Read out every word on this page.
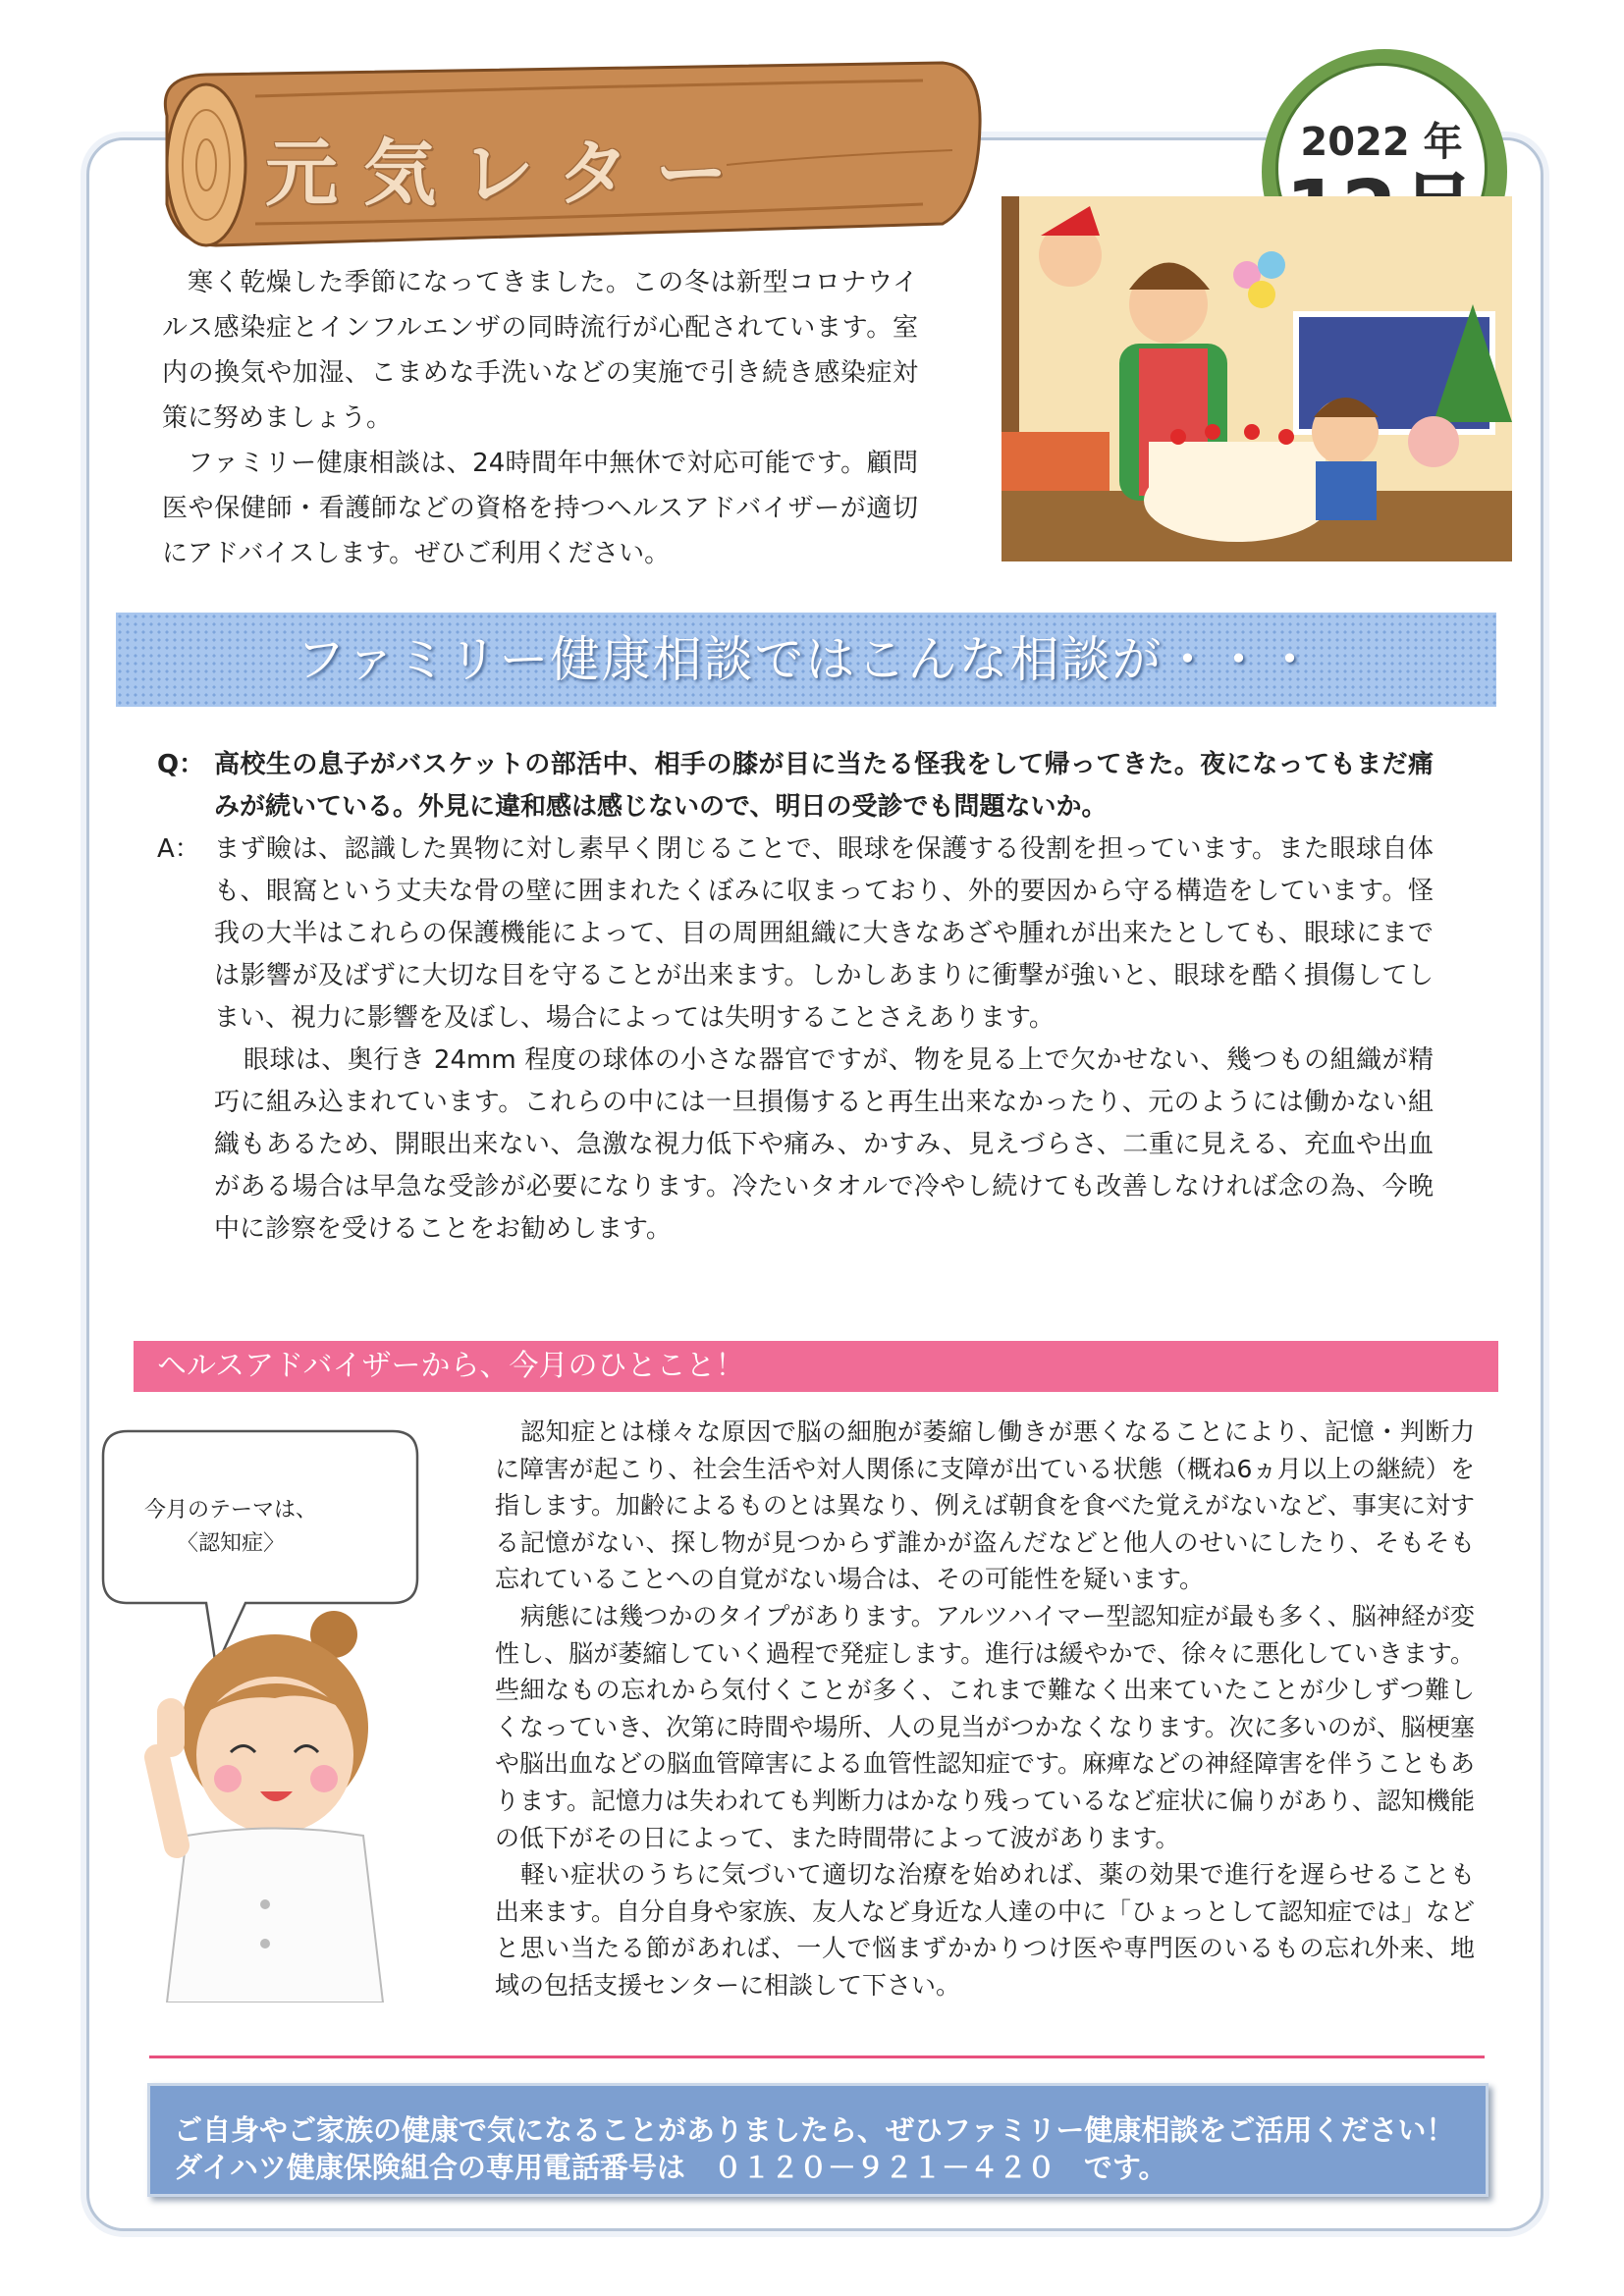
元気レター	2022 年

寒く乾燥した季節になってきました。この冬は新型コロナウイルス感染症とインフルエンザの同時流行が心配されています。室内の換気や加湿、こまめな手洗いなどの実施で引き続き感染症対策に努めましょう。

ファミリー健康相談は、24時間年中無休で対応可能です。顧問医や保健師・看護師などの資格を持つヘルスアドバイザーが適切にアドバイスします。ぜひご利用ください。

ファミリー健康相談ではこんな相談が・・・
Q： 高校生の息子がバスケットの部活中、相手の膝が目に当たる怪我をして帰ってきた。夜になってもまだ痛みが続いている。外見に違和感は感じないので、明日の受診でも問題ないか。
A： まず瞼は、認識した異物に対し素早く閉じることで、眼球を保護する役割を担っています。また眼球自体も、眼窩という丈夫な骨の壁に囲まれたくぼみに収まっており、外的要因から守る構造をしています。怪我の大半はこれらの保護機能によって、目の周囲組織に大きなあざや腫れが出来たとしても、眼球にまでは影響が及ばずに大切な目を守ることが出来ます。しかしあまりに衝撃が強いと、眼球を酷く損傷してしまい、視力に影響を及ぼし、場合によっては失明することさえあります。

眼球は、奥行き 24mm 程度の球体の小さな器官ですが、物を見る上で欠かせない、幾つもの組織が精巧に組み込まれています。これらの中には一旦損傷すると再生出来なかったり、元のようには働かない組織もあるため、開眼出来ない、急激な視力低下や痛み、かすみ、見えづらさ、二重に見える、充血や出血がある場合は早急な受診が必要になります。冷たいタオルで冷やし続けても改善しなければ念の為、今晩中に診察を受けることをお勧めします。

ヘルスアドバイザーから、今月のひとこと！
今月のテーマは、
〈認知症〉

認知症とは様々な原因で脳の細胞が萎縮し働きが悪くなることにより、記憶・判断力に障害が起こり、社会生活や対人関係に支障が出ている状態（概ね6ヵ月以上の継続）を指します。加齢によるものとは異なり、例えば朝食を食べた覚えがないなど、事実に対する記憶がない、探し物が見つからず誰かが盗んだなどと他人のせいにしたり、そもそも忘れていることへの自覚がない場合は、その可能性を疑います。

病態には幾つかのタイプがあります。アルツハイマー型認知症が最も多く、脳神経が変性し、脳が萎縮していく過程で発症します。進行は緩やかで、徐々に悪化していきます。些細なもの忘れから気付くことが多く、これまで難なく出来ていたことが少しずつ難しくなっていき、次第に時間や場所、人の見当がつかなくなります。次に多いのが、脳梗塞や脳出血などの脳血管障害による血管性認知症です。麻痺などの神経障害を伴うこともあります。記憶力は失われても判断力はかなり残っているなど症状に偏りがあり、認知機能の低下がその日によって、また時間帯によって波があります。

軽い症状のうちに気づいて適切な治療を始めれば、薬の効果で進行を遅らせることも出来ます。自分自身や家族、友人など身近な人達の中に「ひょっとして認知症では」などと思い当たる節があれば、一人で悩まずかかりつけ医や専門医のいるもの忘れ外来、地域の包括支援センターに相談して下さい。

ご自身やご家族の健康で気になることがありましたら、ぜひファミリー健康相談をご活用ください！
ダイハツ健康保険組合の専用電話番号は　０１２０－９２１－４２０　です。
